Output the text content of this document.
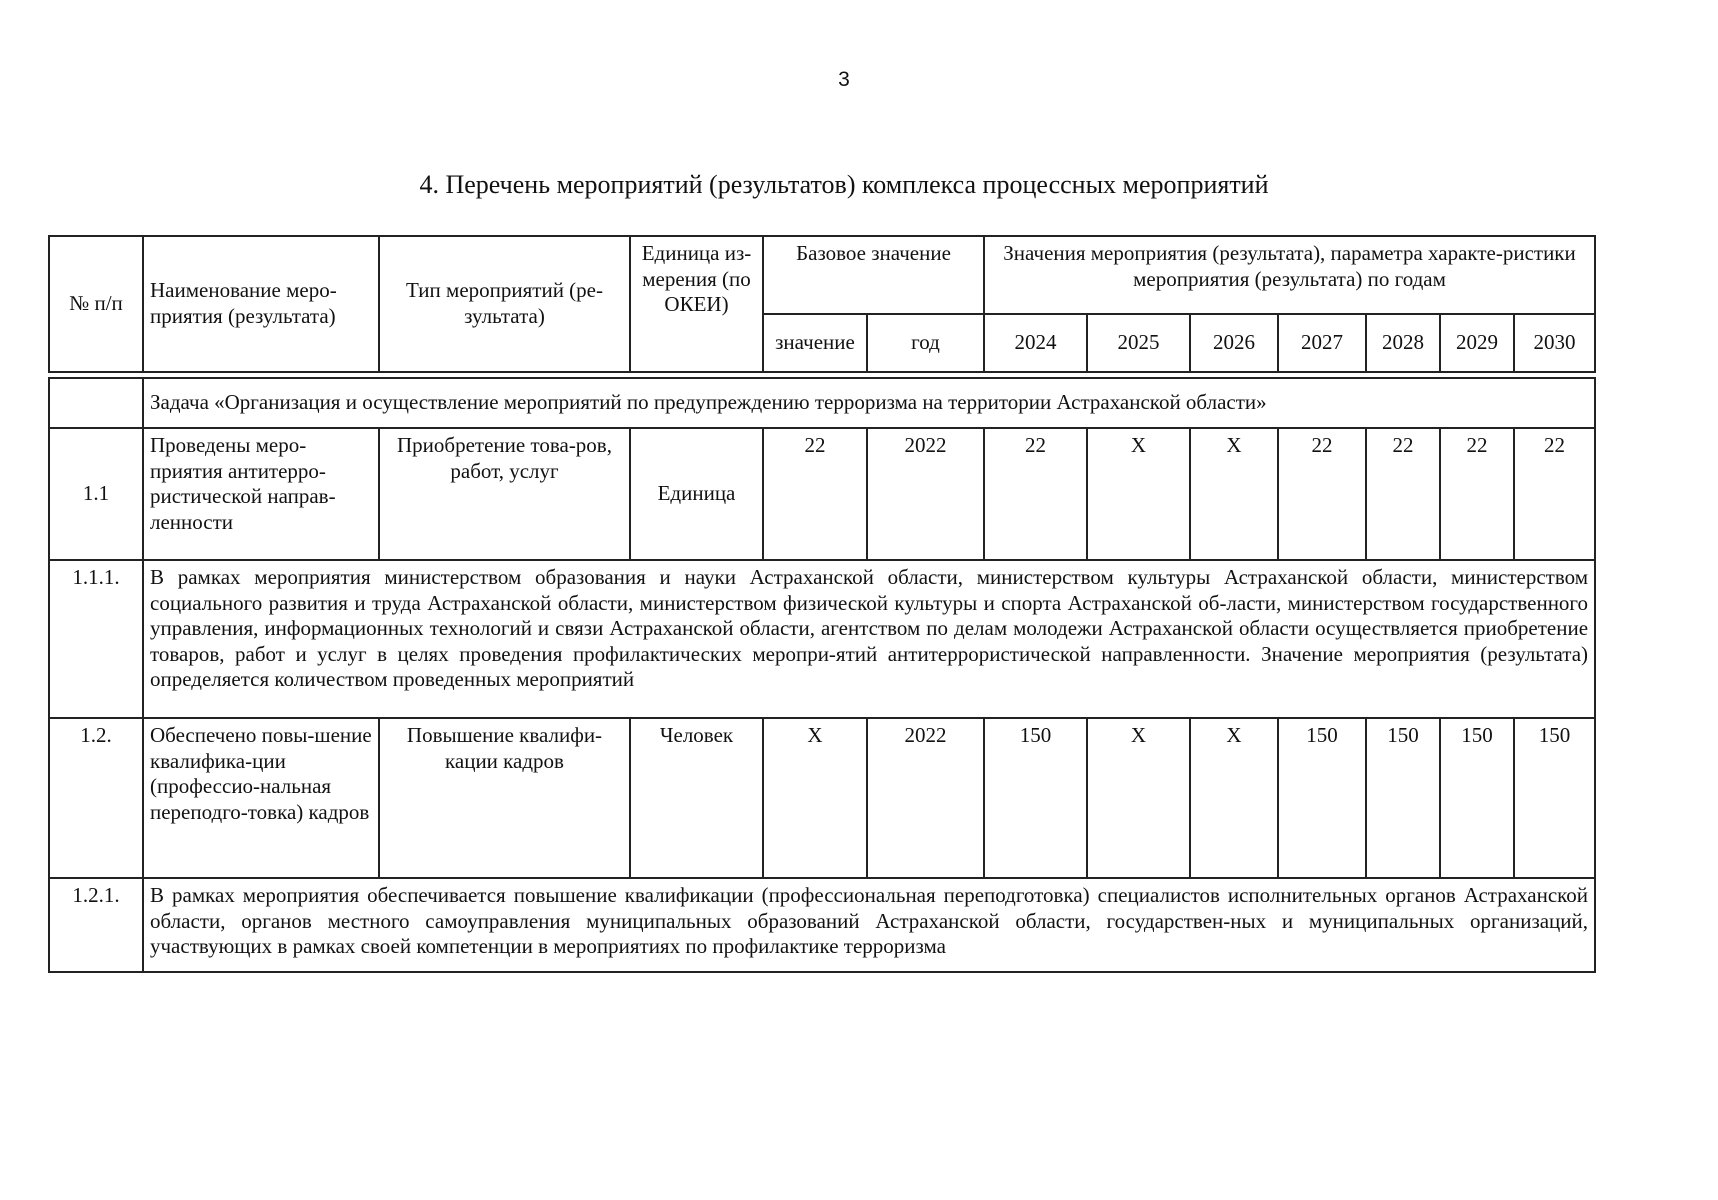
3
4. Перечень мероприятий (результатов) комплекса процессных мероприятий
№ п/п	Наименование меро-приятия (результата)	Тип мероприятий (ре-зультата)	Единица из-мерения (по ОКЕИ)	Базовое значение		Значения мероприятия (результата), параметра характе-ристики мероприятия (результата) по годам						
						2024	2025	2026	2027	2028	2029	2030
				значение	год							

	Задача «Организация и осуществление мероприятий по предупреждению терроризма на территории Астраханской области»											
1.1	Проведены меро-приятия антитерро-ристической направ-ленности	Приобретение това-ров, работ, услуг	Единица	22	2022	22	X	X	22	22	22	22
1.1.1.	В рамках мероприятия министерством образования и науки Астраханской области, министерством культуры Астраханской области, министерством социального развития и труда Астраханской области, министерством физической культуры и спорта Астраханской об-ласти, министерством государственного управления, информационных технологий и связи Астраханской области, агентством по делам молодежи Астраханской области осуществляется приобретение товаров, работ и услуг в целях проведения профилактических меропри-ятий антитеррористической направленности. Значение мероприятия (результата) определяется количеством проведенных мероприятий											
1.2.	Обеспечено повы-шение квалифика-ции (профессио-нальная переподго-товка) кадров	Повышение квалифи-кации кадров	Человек	X	2022	150	X	X	150	150	150	150
1.2.1.	В рамках мероприятия обеспечивается повышение квалификации (профессиональная переподготовка) специалистов исполнительных органов Астраханской области, органов местного самоуправления муниципальных образований Астраханской области, государствен-ных и муниципальных организаций, участвующих в рамках своей компетенции в мероприятиях по профилактике терроризма											
